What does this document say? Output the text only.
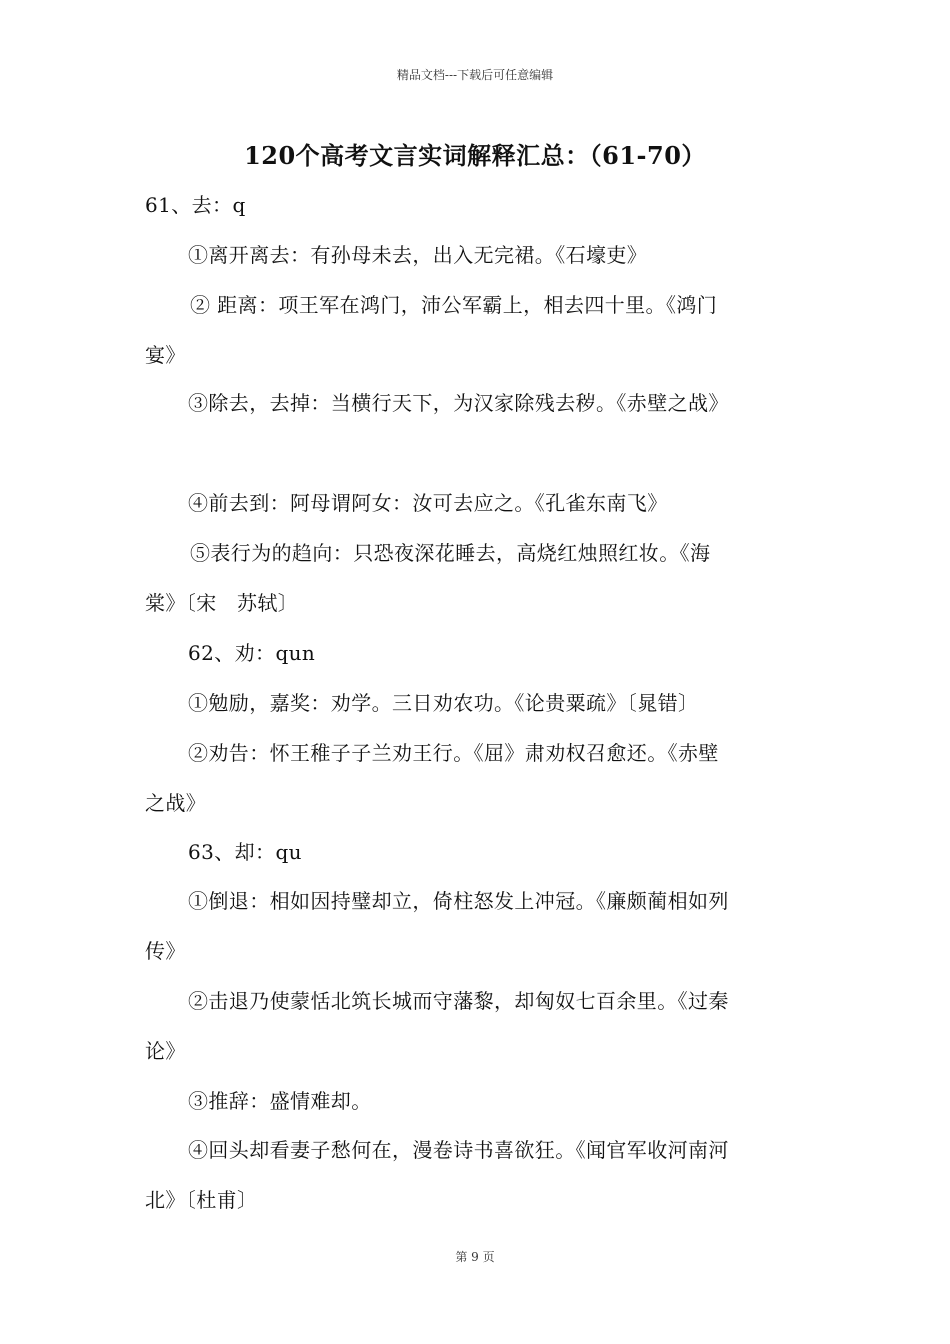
精品文档---下载后可任意编辑
120个高考文言实词解释汇总：（61-70）
61、去：q
①离开离去：有孙母未去，出入无完裙。《石壕吏》
② 距离：项王军在鸿门，沛公军霸上，相去四十里。《鸿门
宴》
③除去，去掉：当横行天下，为汉家除残去秽。《赤壁之战》
④前去到：阿母谓阿女：汝可去应之。《孔雀东南飞》
⑤表行为的趋向：只恐夜深花睡去，高烧红烛照红妆。《海
棠》〔宋　苏轼〕
62、劝：qun
①勉励，嘉奖：劝学。三日劝农功。《论贵粟疏》〔晁错〕
②劝告：怀王稚子子兰劝王行。《屈》肃劝权召愈还。《赤壁
之战》
63、却：qu
①倒退：相如因持璧却立，倚柱怒发上冲冠。《廉颇蔺相如列
传》
②击退乃使蒙恬北筑长城而守藩黎，却匈奴七百余里。《过秦
论》
③推辞：盛情难却。
④回头却看妻子愁何在，漫卷诗书喜欲狂。《闻官军收河南河
北》〔杜甫〕
第 9 页
